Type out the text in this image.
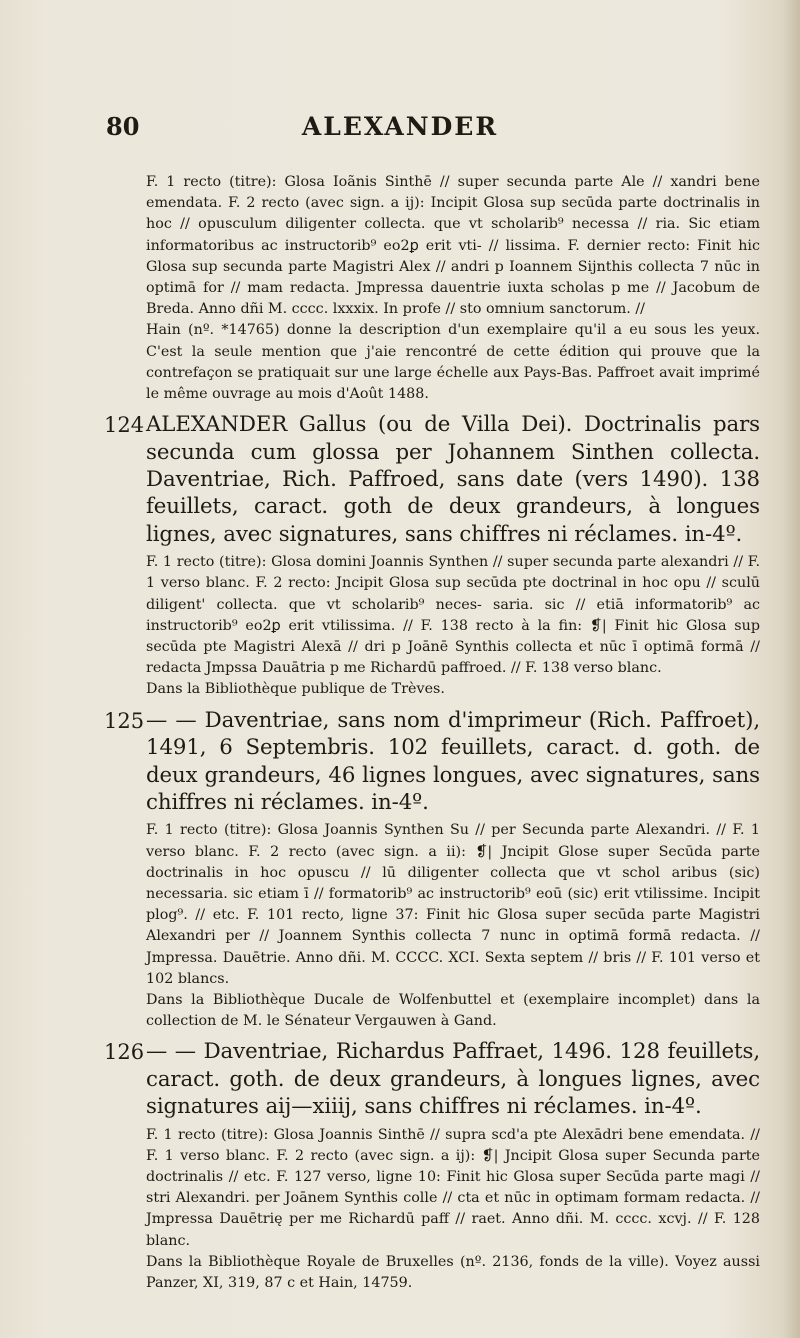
80	ALEXANDER

F. 1 recto (titre): Glosa Ioãnis Sinthē // super secunda parte Ale // xandri bene emendata. F. 2 recto (avec sign. a ij): Incipit Glosa sup secūda parte doctrinalis in hoc // opusculum diligenter collecta. que vt scholarib⁹ necessa // ria. Sic etiam informatoribus ac instructorib⁹ eo2ꝑ erit vti- // lissima. F. dernier recto: Finit hic Glosa sup secunda parte Magistri Alex // andri p Ioannem Sijnthis collecta 7 nūc in optimā for // mam redacta. Jmpressa dauentrie iuxta scholas p me // Jacobum de Breda. Anno dñi M. cccc. lxxxix. In profe // sto omnium sanctorum. //

Hain (nº. *14765) donne la description d'un exemplaire qu'il a eu sous les yeux. C'est la seule mention que j'aie rencontré de cette édition qui prouve que la contrefaçon se pratiquait sur une large échelle aux Pays-Bas. Paffroet avait imprimé le même ouvrage au mois d'Août 1488.

124 ALEXANDER Gallus (ou de Villa Dei). Doctrinalis pars secunda cum glossa per Johannem Sinthen collecta. Daventriae, Rich. Paffroed, sans date (vers 1490). 138 feuillets, caract. goth de deux grandeurs, à longues lignes, avec signatures, sans chiffres ni réclames. in-4º.

F. 1 recto (titre): Glosa domini Joannis Synthen // super secunda parte alexandri // F. 1 verso blanc. F. 2 recto: Jncipit Glosa sup secūda pte doctrinal in hoc opu // sculū diligent' collecta. que vt scholarib⁹ neces- saria. sic // etiā informatorib⁹ ac instructorib⁹ eo2ꝑ erit vtilissima. // F. 138 recto à la fin: ❡| Finit hic Glosa sup secūda pte Magistri Alexā // dri p Joānē Synthis collecta et nūc ī optimā formā // redacta Jmpssa Dauātria p me Richardū paffroed. // F. 138 verso blanc.

Dans la Bibliothèque publique de Trèves.

125 — — Daventriae, sans nom d'imprimeur (Rich. Paffroet), 1491, 6 Septembris. 102 feuillets, caract. d. goth. de deux grandeurs, 46 lignes longues, avec signatures, sans chiffres ni réclames. in-4º.

F. 1 recto (titre): Glosa Joannis Synthen Su // per Secunda parte Alexandri. // F. 1 verso blanc. F. 2 recto (avec sign. a ii): ❡| Jncipit Glose super Secūda parte doctrinalis in hoc opuscu // lū diligenter collecta que vt schol aribus (sic) necessaria. sic etiam ī // formatorib⁹ ac instructorib⁹ eoū (sic) erit vtilissime. Incipit plog⁹. // etc. F. 101 recto, ligne 37: Finit hic Glosa super secūda parte Magistri Alexandri per // Joannem Synthis collecta 7 nunc in optimā formā redacta. // Jmpressa. Dauētrie. Anno dñi. M. CCCC. XCI. Sexta septem // bris // F. 101 verso et 102 blancs.

Dans la Bibliothèque Ducale de Wolfenbuttel et (exemplaire incomplet) dans la collection de M. le Sénateur Vergauwen à Gand.

126 — — Daventriae, Richardus Paffraet, 1496. 128 feuillets, caract. goth. de deux grandeurs, à longues lignes, avec signatures aij—xiiij, sans chiffres ni réclames. in-4º.

F. 1 recto (titre): Glosa Joannis Sinthē // supra scd'a pte Alexādri bene emendata. // F. 1 verso blanc. F. 2 recto (avec sign. a ij): ❡| Jncipit Glosa super Secunda parte doctrinalis // etc. F. 127 verso, ligne 10: Finit hic Glosa super Secūda parte magi // stri Alexandri. per Joānem Synthis colle // cta et nūc in optimam formam redacta. // Jmpressa Dauētrię per me Richardū paff // raet. Anno dñi. M. cccc. xcvj. // F. 128 blanc.

Dans la Bibliothèque Royale de Bruxelles (nº. 2136, fonds de la ville). Voyez aussi Panzer, XI, 319, 87 c et Hain, 14759.
